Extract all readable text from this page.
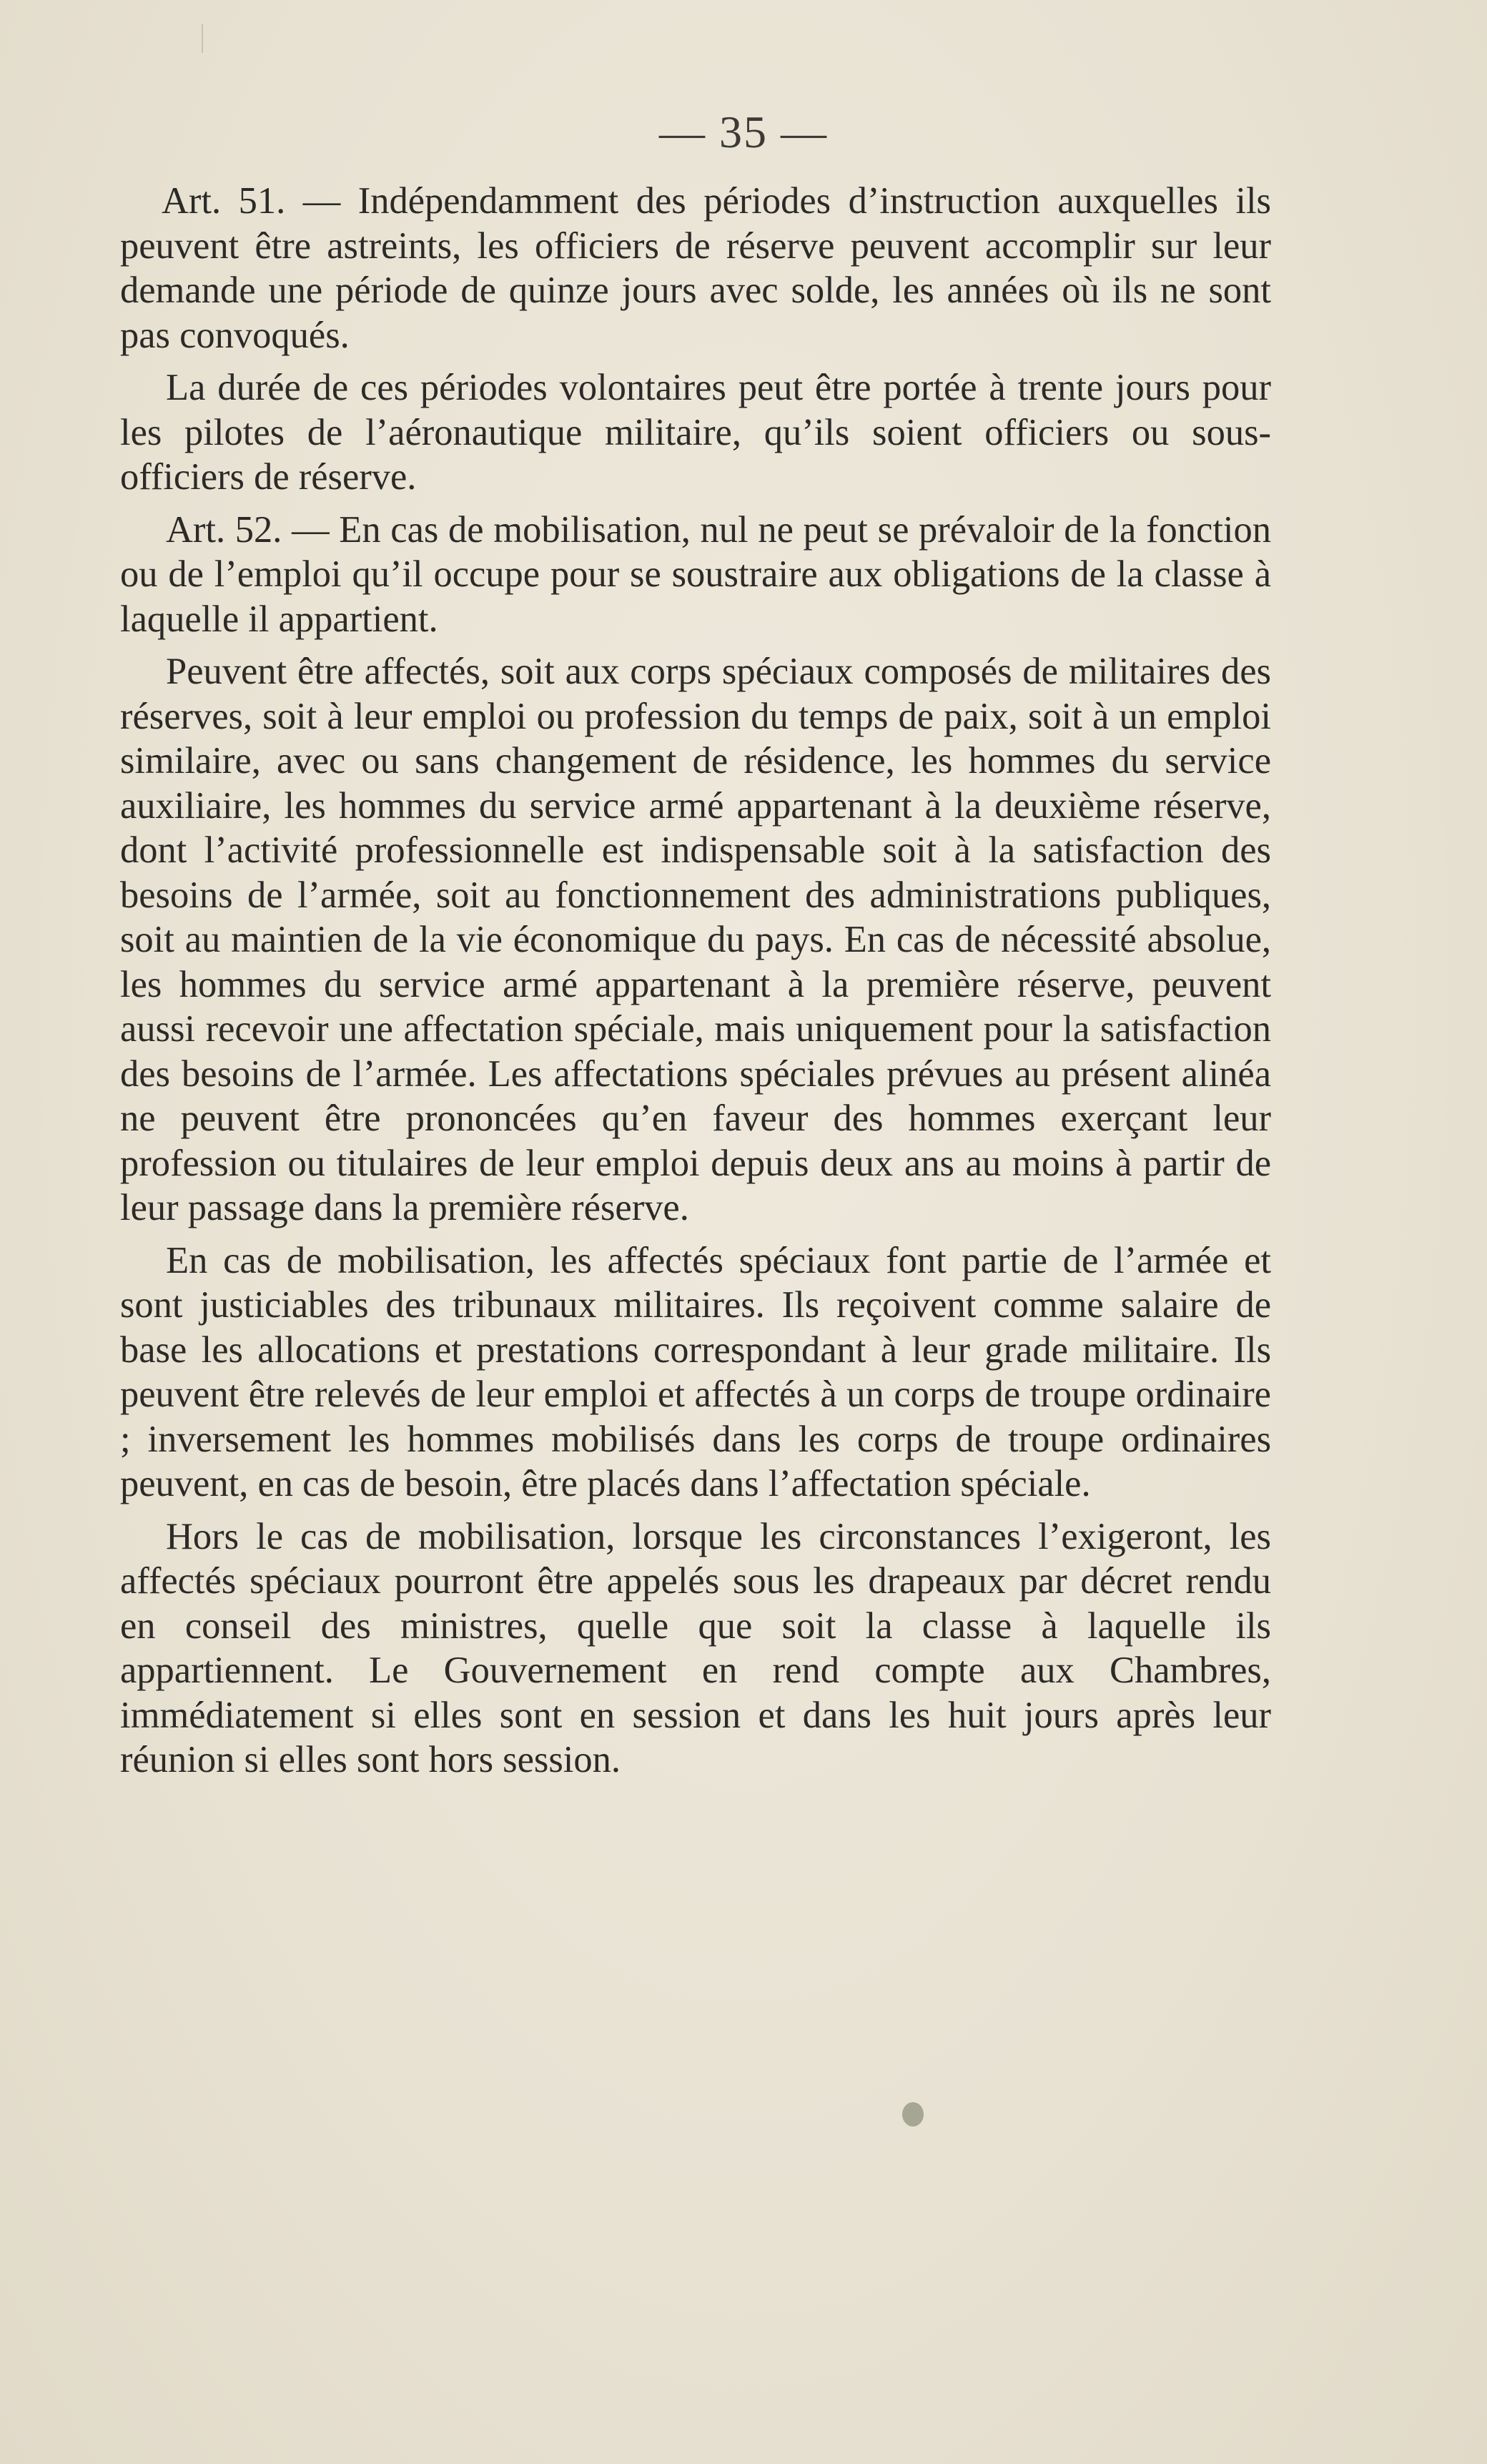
— 35 —

Art. 51. — Indépendamment des périodes d’instruction auxquelles ils peuvent être astreints, les officiers de réserve peuvent accomplir sur leur demande une période de quinze jours avec solde, les années où ils ne sont pas convoqués.

La durée de ces périodes volontaires peut être portée à trente jours pour les pilotes de l’aéronautique militaire, qu’ils soient officiers ou sous-officiers de réserve.

Art. 52. — En cas de mobilisation, nul ne peut se prévaloir de la fonction ou de l’emploi qu’il occupe pour se soustraire aux obligations de la classe à laquelle il appartient.

Peuvent être affectés, soit aux corps spéciaux composés de militaires des réserves, soit à leur emploi ou profession du temps de paix, soit à un emploi similaire, avec ou sans changement de résidence, les hommes du service auxiliaire, les hommes du service armé appartenant à la deuxième réserve, dont l’activité professionnelle est indispensable soit à la satisfaction des besoins de l’armée, soit au fonctionnement des administrations publiques, soit au maintien de la vie économique du pays. En cas de nécessité absolue, les hommes du service armé appartenant à la première réserve, peuvent aussi recevoir une affectation spéciale, mais uniquement pour la satisfaction des besoins de l’armée. Les affectations spéciales prévues au présent alinéa ne peuvent être prononcées qu’en faveur des hommes exerçant leur profession ou titulaires de leur emploi depuis deux ans au moins à partir de leur passage dans la première réserve.

En cas de mobilisation, les affectés spéciaux font partie de l’armée et sont justiciables des tribunaux militaires. Ils reçoivent comme salaire de base les allocations et prestations correspondant à leur grade militaire. Ils peuvent être relevés de leur emploi et affectés à un corps de troupe ordinaire ; inversement les hommes mobilisés dans les corps de troupe ordinaires peuvent, en cas de besoin, être placés dans l’affectation spéciale.

Hors le cas de mobilisation, lorsque les circonstances l’exigeront, les affectés spéciaux pourront être appelés sous les drapeaux par décret rendu en conseil des ministres, quelle que soit la classe à laquelle ils appartiennent. Le Gouvernement en rend compte aux Chambres, immédiatement si elles sont en session et dans les huit jours après leur réunion si elles sont hors session.
